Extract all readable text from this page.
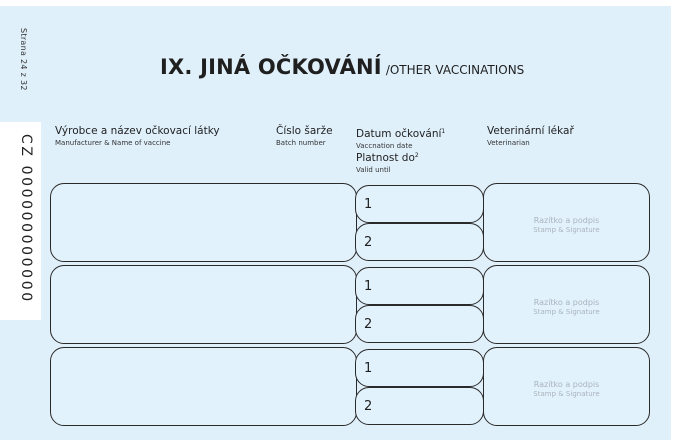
Strana 24 z 32
CZ 000000000000
IX. JINÁ OČKOVÁNÍ /OTHER VACCINATIONS
Výrobce a název očkovací látky
Manufacturer & Name of vaccine
Číslo šarže
Batch number
Datum očkování$^1$
Vaccnation date
Platnost $do^2$
Valid until
Veterinární lékař
Veterinarian
1
2
Razítko a podpis
Stamp & Signature
1
2
Razítko a podpis
Stamp & Signature
1
2
Razítko a podpis
Stamp & Signature
